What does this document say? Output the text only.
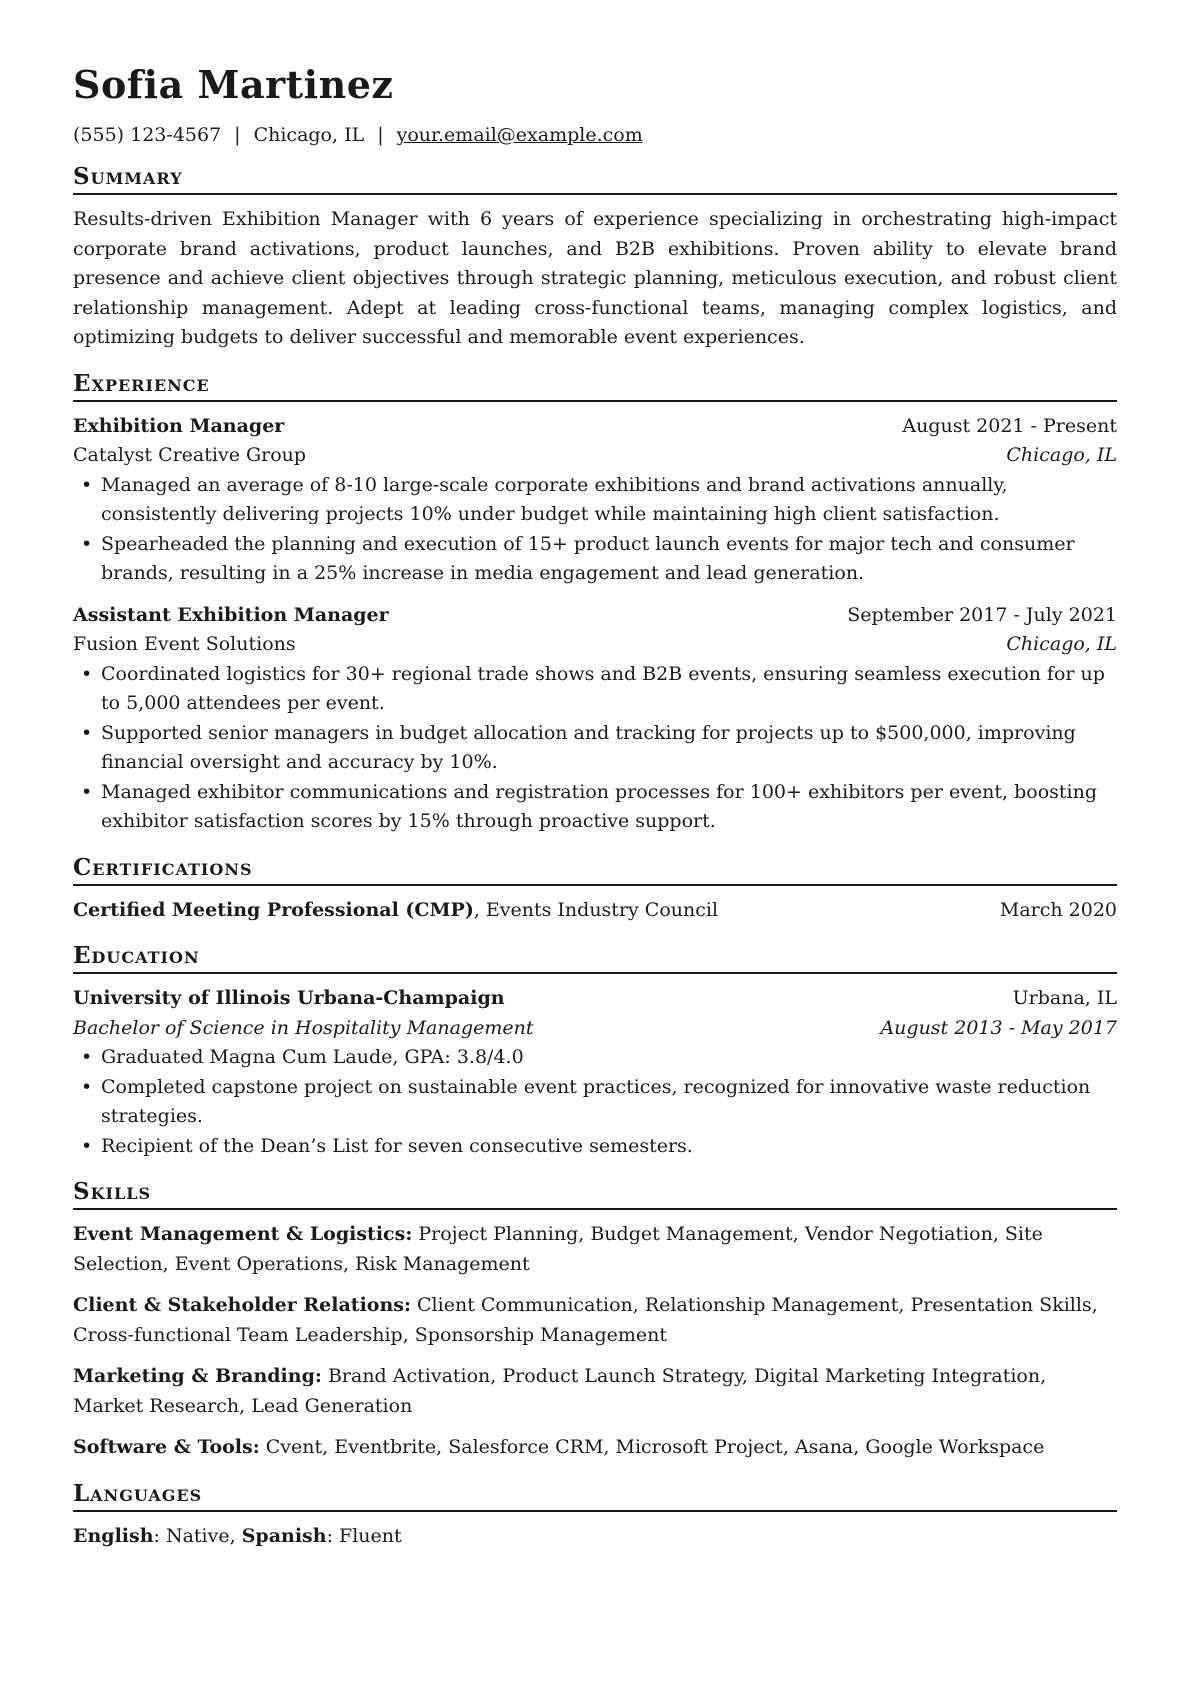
Sofia Martinez
(555) 123-4567 | Chicago, IL | your.email@example.com
Summary
Results-driven Exhibition Manager with 6 years of experience specializing in orchestrating high-impact corporate brand activations, product launches, and B2B exhibitions. Proven ability to elevate brand presence and achieve client objectives through strategic planning, meticulous execution, and robust client relationship management. Adept at leading cross-functional teams, managing complex logistics, and optimizing budgets to deliver successful and memorable event experiences.
Experience
Exhibition Manager	August 2021 - Present
Catalyst Creative Group	Chicago, IL
• Managed an average of 8-10 large-scale corporate exhibitions and brand activations annually, consistently delivering projects 10% under budget while maintaining high client satisfaction.
• Spearheaded the planning and execution of 15+ product launch events for major tech and consumer brands, resulting in a 25% increase in media engagement and lead generation.
Assistant Exhibition Manager	September 2017 - July 2021
Fusion Event Solutions	Chicago, IL
• Coordinated logistics for 30+ regional trade shows and B2B events, ensuring seamless execution for up to 5,000 attendees per event.
• Supported senior managers in budget allocation and tracking for projects up to $500,000, improving financial oversight and accuracy by 10%.
• Managed exhibitor communications and registration processes for 100+ exhibitors per event, boosting exhibitor satisfaction scores by 15% through proactive support.
Certifications
Certified Meeting Professional (CMP), Events Industry Council	March 2020
Education
University of Illinois Urbana-Champaign	Urbana, IL
Bachelor of Science in Hospitality Management	August 2013 - May 2017
• Graduated Magna Cum Laude, GPA: 3.8/4.0
• Completed capstone project on sustainable event practices, recognized for innovative waste reduction strategies.
• Recipient of the Dean’s List for seven consecutive semesters.
Skills
Event Management & Logistics: Project Planning, Budget Management, Vendor Negotiation, Site Selection, Event Operations, Risk Management
Client & Stakeholder Relations: Client Communication, Relationship Management, Presentation Skills, Cross-functional Team Leadership, Sponsorship Management
Marketing & Branding: Brand Activation, Product Launch Strategy, Digital Marketing Integration, Market Research, Lead Generation
Software & Tools: Cvent, Eventbrite, Salesforce CRM, Microsoft Project, Asana, Google Workspace
Languages
English: Native, Spanish: Fluent
